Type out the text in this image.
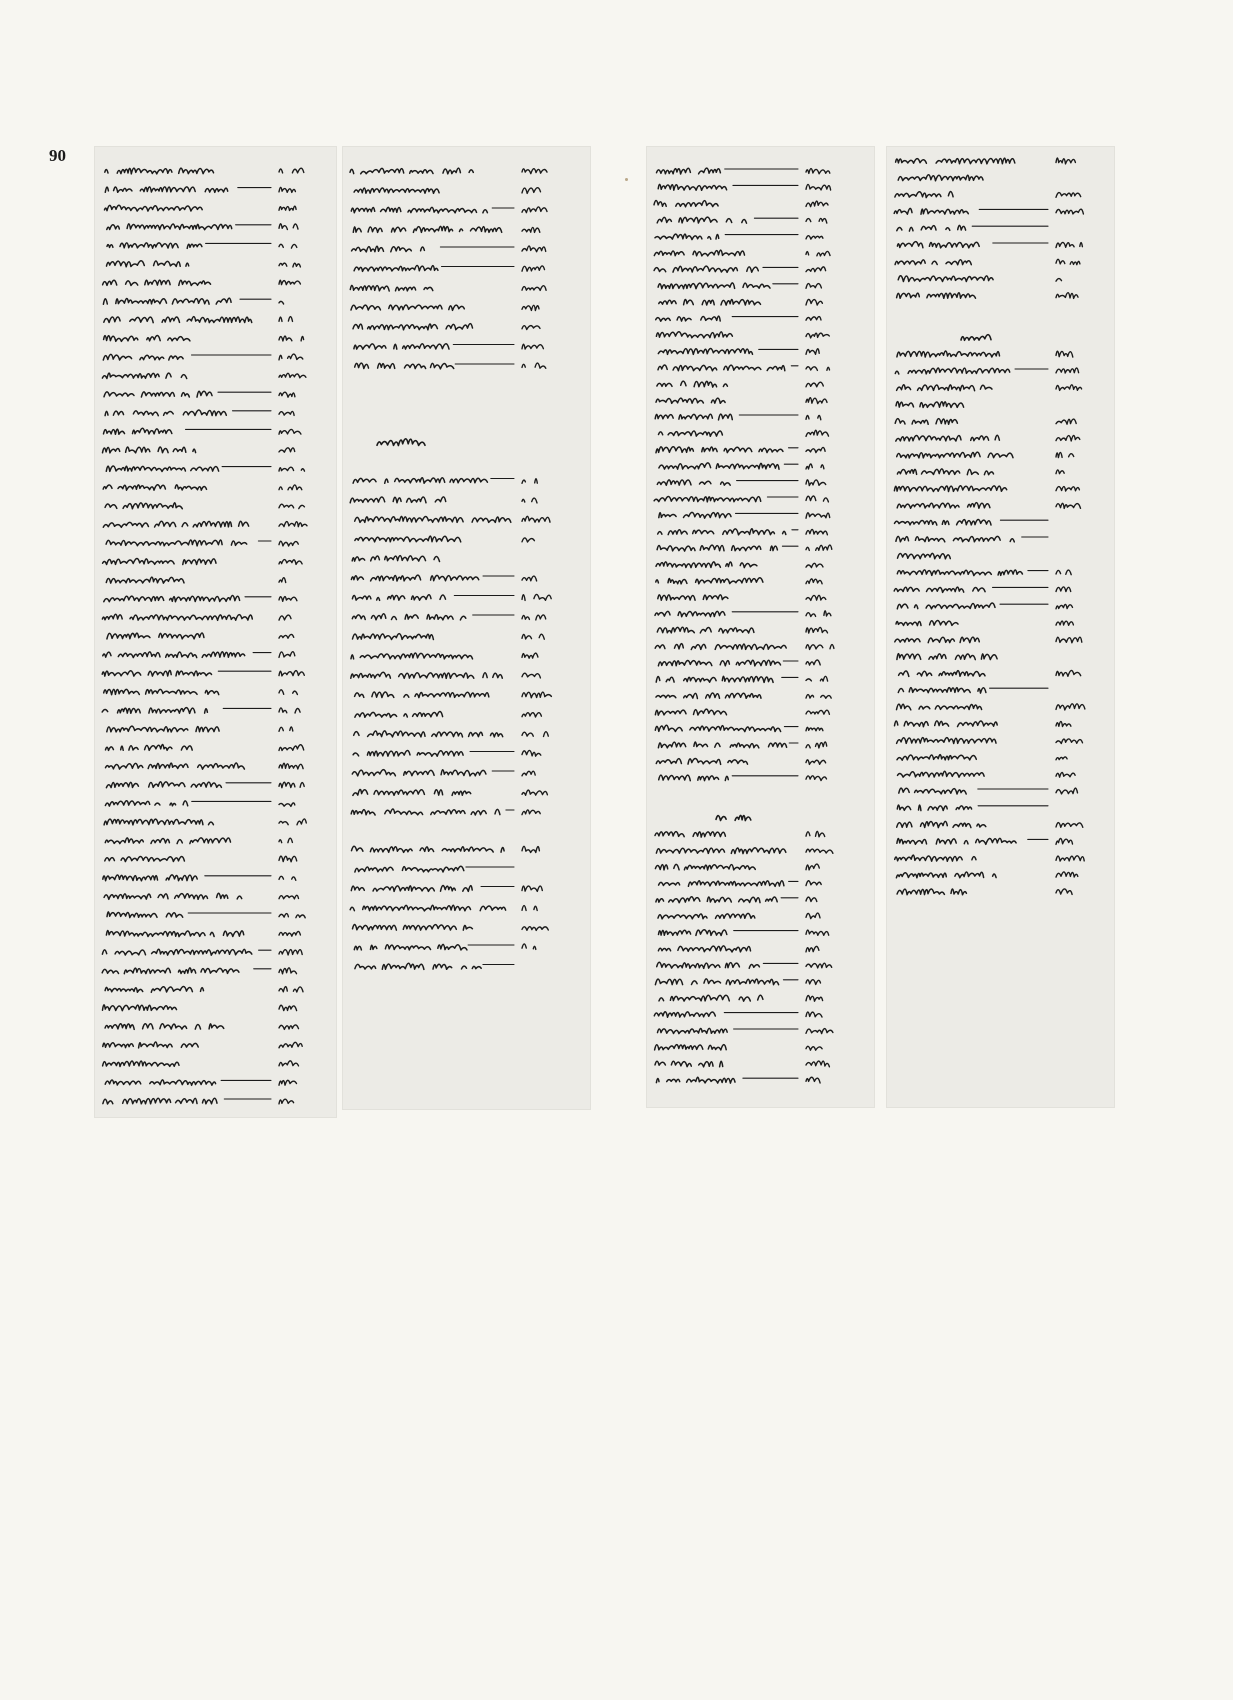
90
